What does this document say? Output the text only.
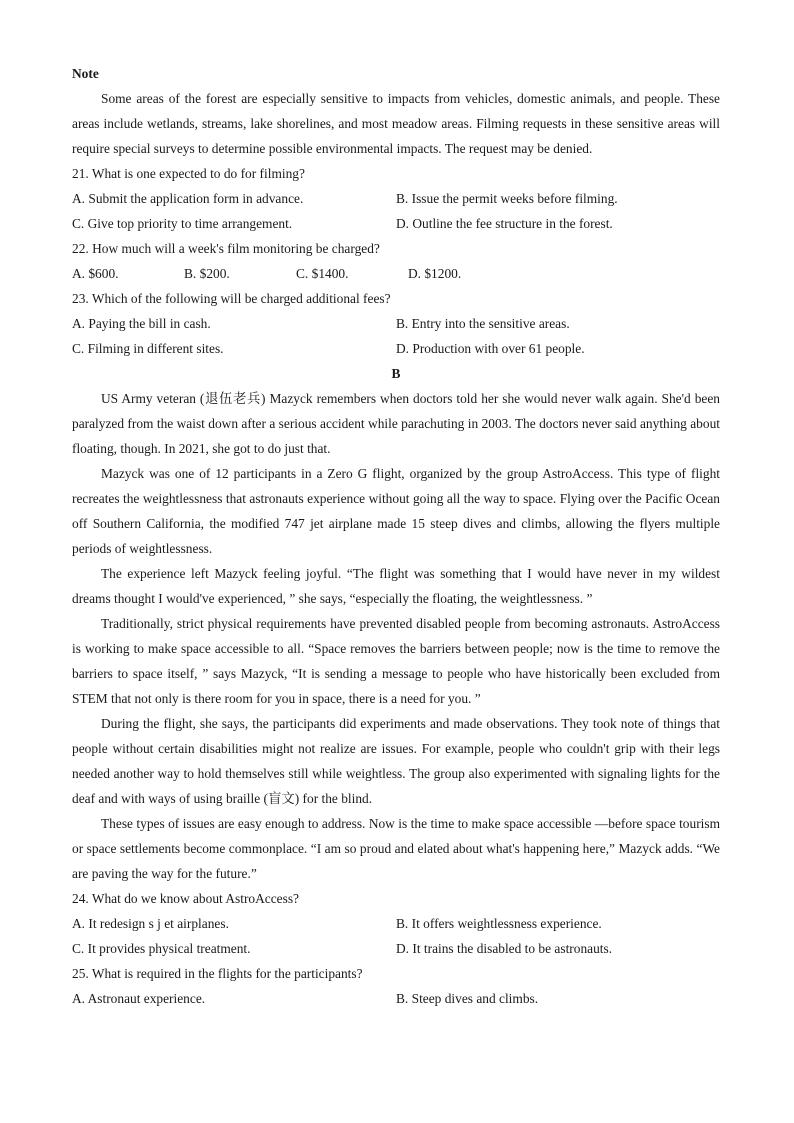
Note
Some areas of the forest are especially sensitive to impacts from vehicles, domestic animals, and people. These areas include wetlands, streams, lake shorelines, and most meadow areas. Filming requests in these sensitive areas will require special surveys to determine possible environmental impacts. The request may be denied.
21. What is one expected to do for filming?
A. Submit the application form in advance.	B. Issue the permit weeks before filming.
C. Give top priority to time arrangement.	D. Outline the fee structure in the forest.
22. How much will a week's film monitoring be charged?
A. $600.	B. $200.	C. $1400.	D. $1200.
23. Which of the following will be charged additional fees?
A. Paying the bill in cash.	B. Entry into the sensitive areas.
C. Filming in different sites.	D. Production with over 61 people.
B
US Army veteran (退伍老兵) Mazyck remembers when doctors told her she would never walk again. She'd been paralyzed from the waist down after a serious accident while parachuting in 2003. The doctors never said anything about floating, though. In 2021, she got to do just that.
Mazyck was one of 12 participants in a Zero G flight, organized by the group AstroAccess. This type of flight recreates the weightlessness that astronauts experience without going all the way to space. Flying over the Pacific Ocean off Southern California, the modified 747 jet airplane made 15 steep dives and climbs, allowing the flyers multiple periods of weightlessness.
The experience left Mazyck feeling joyful. “The flight was something that I would have never in my wildest dreams thought I would've experienced, ” she says, “especially the floating, the weightlessness. ”
Traditionally, strict physical requirements have prevented disabled people from becoming astronauts. AstroAccess is working to make space accessible to all. “Space removes the barriers between people; now is the time to remove the barriers to space itself, ” says Mazyck, “It is sending a message to people who have historically been excluded from STEM that not only is there room for you in space, there is a need for you. ”
During the flight, she says, the participants did experiments and made observations. They took note of things that people without certain disabilities might not realize are issues. For example, people who couldn't grip with their legs needed another way to hold themselves still while weightless. The group also experimented with signaling lights for the deaf and with ways of using braille (盲文) for the blind.
These types of issues are easy enough to address. Now is the time to make space accessible —before space tourism or space settlements become commonplace. “I am so proud and elated about what's happening here,” Mazyck adds. “We are paving the way for the future.”
24. What do we know about AstroAccess?
A. It redesign s j et airplanes.	B. It offers weightlessness experience.
C. It provides physical treatment.	D. It trains the disabled to be astronauts.
25. What is required in the flights for the participants?
A. Astronaut experience.	B. Steep dives and climbs.
